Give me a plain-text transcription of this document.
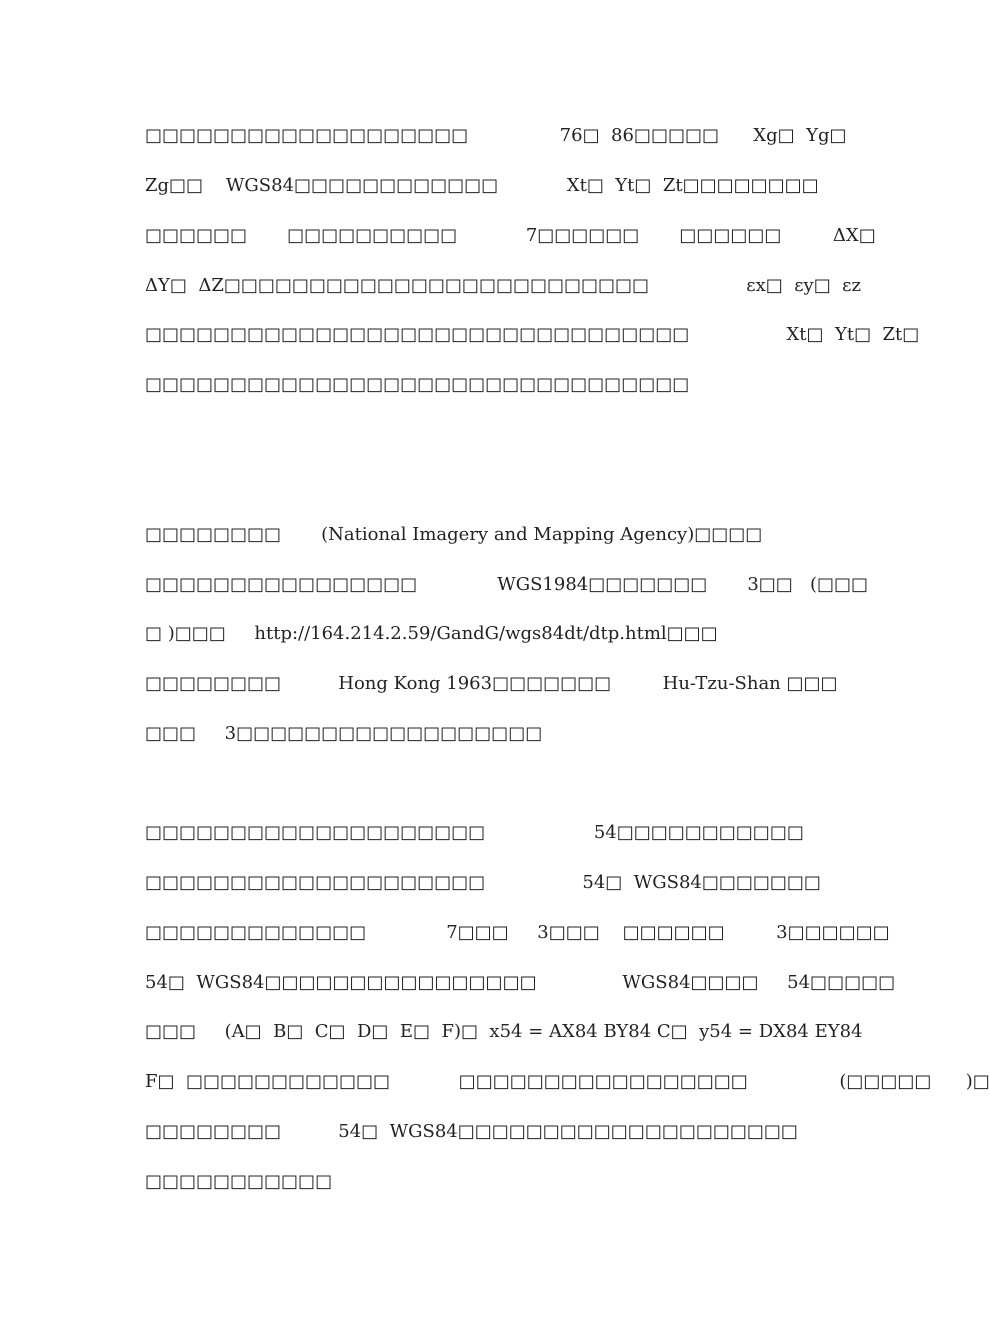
□□□□□□□□□□□□□□□□□□□                76□  86□□□□□      Xg□  Yg□
Zg□□    WGS84□□□□□□□□□□□□            Xt□  Yt□  Zt□□□□□□□□
□□□□□□       □□□□□□□□□□            7□□□□□□       □□□□□□         ΔX□
ΔY□  ΔZ□□□□□□□□□□□□□□□□□□□□□□□□□                 εx□  εy□  εz
□□□□□□□□□□□□□□□□□□□□□□□□□□□□□□□□                 Xt□  Yt□  Zt□
□□□□□□□□□□□□□□□□□□□□□□□□□□□□□□□□
□□□□□□□□       (National Imagery and Mapping Agency)□□□□
□□□□□□□□□□□□□□□□              WGS1984□□□□□□□       3□□   (□□□
□ )□□□     http://164.214.2.59/GandG/wgs84dt/dtp.html□□□
□□□□□□□□          Hong Kong 1963□□□□□□□         Hu-Tzu-Shan □□□
□□□     3□□□□□□□□□□□□□□□□□□
□□□□□□□□□□□□□□□□□□□□                   54□□□□□□□□□□□
□□□□□□□□□□□□□□□□□□□□                 54□  WGS84□□□□□□□
□□□□□□□□□□□□□              7□□□     3□□□    □□□□□□         3□□□□□□
54□  WGS84□□□□□□□□□□□□□□□□               WGS84□□□□     54□□□□□
□□□     (A□  B□  C□  D□  E□  F)□  x54 = AX84 BY84 C□  y54 = DX84 EY84
F□  □□□□□□□□□□□□            □□□□□□□□□□□□□□□□□                (□□□□□      )□
□□□□□□□□          54□  WGS84□□□□□□□□□□□□□□□□□□□□
□□□□□□□□□□□
